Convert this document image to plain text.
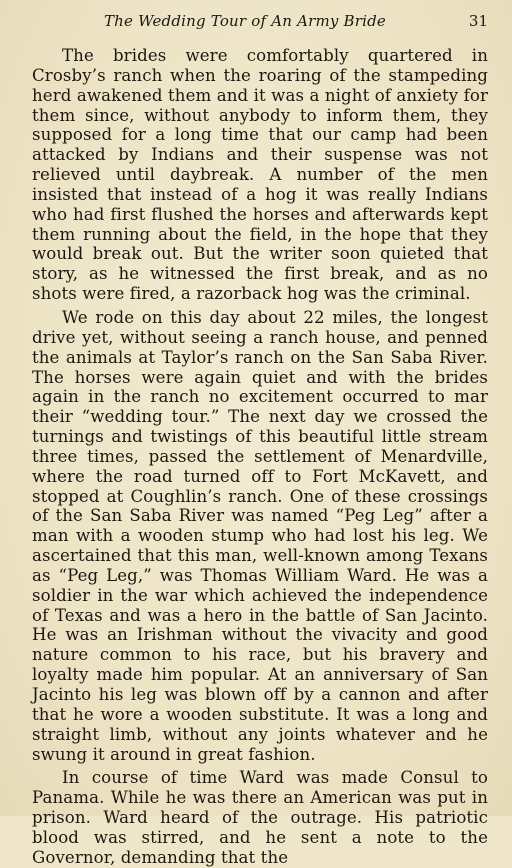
The Wedding Tour of An Army Bride	31

The brides were comfortably quartered in Crosby’s ranch when the roaring of the stampeding herd awakened them and it was a night of anxiety for them since, without anybody to inform them, they supposed for a long time that our camp had been attacked by Indians and their suspense was not relieved until daybreak. A number of the men insisted that instead of a hog it was really Indians who had first flushed the horses and afterwards kept them running about the field, in the hope that they would break out. But the writer soon quieted that story, as he witnessed the first break, and as no shots were fired, a razorback hog was the criminal.

We rode on this day about 22 miles, the longest drive yet, without seeing a ranch house, and penned the animals at Taylor’s ranch on the San Saba River. The horses were again quiet and with the brides again in the ranch no excitement occurred to mar their “wedding tour.” The next day we crossed the turnings and twistings of this beautiful little stream three times, passed the settlement of Menardville, where the road turned off to Fort McKavett, and stopped at Coughlin’s ranch. One of these crossings of the San Saba River was named “Peg Leg” after a man with a wooden stump who had lost his leg. We ascertained that this man, well-known among Texans as “Peg Leg,” was Thomas William Ward. He was a soldier in the war which achieved the independence of Texas and was a hero in the battle of San Jacinto. He was an Irishman without the vivacity and good nature common to his race, but his bravery and loyalty made him popular. At an anniversary of San Jacinto his leg was blown off by a cannon and after that he wore a wooden substitute. It was a long and straight limb, without any joints whatever and he swung it around in great fashion.

In course of time Ward was made Consul to Panama. While he was there an American was put in prison. Ward heard of the outrage. His patriotic blood was stirred, and he sent a note to the Governor, demanding that the
